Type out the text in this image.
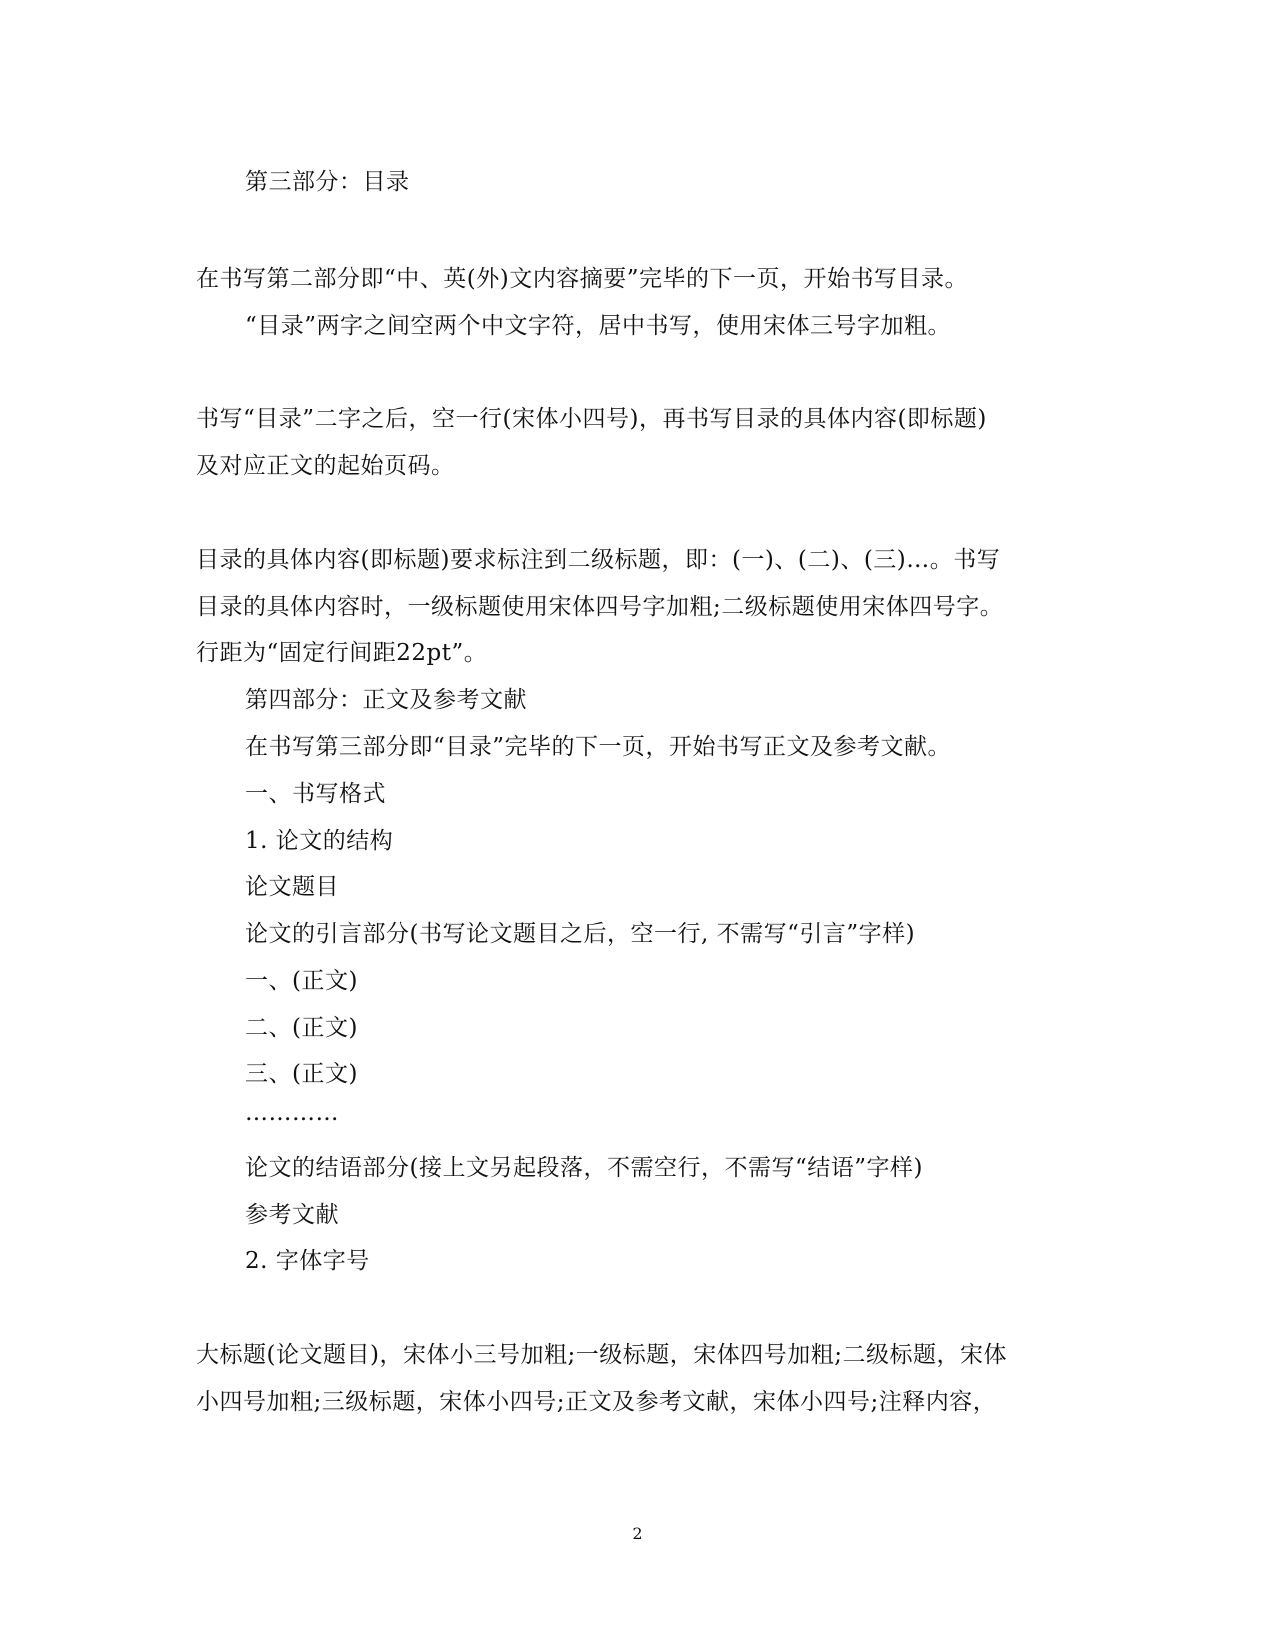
第三部分：目录
在书写第二部分即“中、英(外)文内容摘要”完毕的下一页，开始书写目录。
“目录”两字之间空两个中文字符，居中书写，使用宋体三号字加粗。
书写“目录”二字之后，空一行(宋体小四号)，再书写目录的具体内容(即标题)
及对应正文的起始页码。
目录的具体内容(即标题)要求标注到二级标题，即：(一)、(二)、(三)…。书写
目录的具体内容时，一级标题使用宋体四号字加粗;二级标题使用宋体四号字。
行距为“固定行间距22pt”。
第四部分：正文及参考文献
在书写第三部分即“目录”完毕的下一页，开始书写正文及参考文献。
一、书写格式
1. 论文的结构
论文题目
论文的引言部分(书写论文题目之后，空一行, 不需写“引言”字样)
一、(正文)
二、(正文)
三、(正文)
…………
论文的结语部分(接上文另起段落，不需空行，不需写“结语”字样)
参考文献
2. 字体字号
大标题(论文题目)，宋体小三号加粗;一级标题，宋体四号加粗;二级标题，宋体
小四号加粗;三级标题，宋体小四号;正文及参考文献，宋体小四号;注释内容，
2
